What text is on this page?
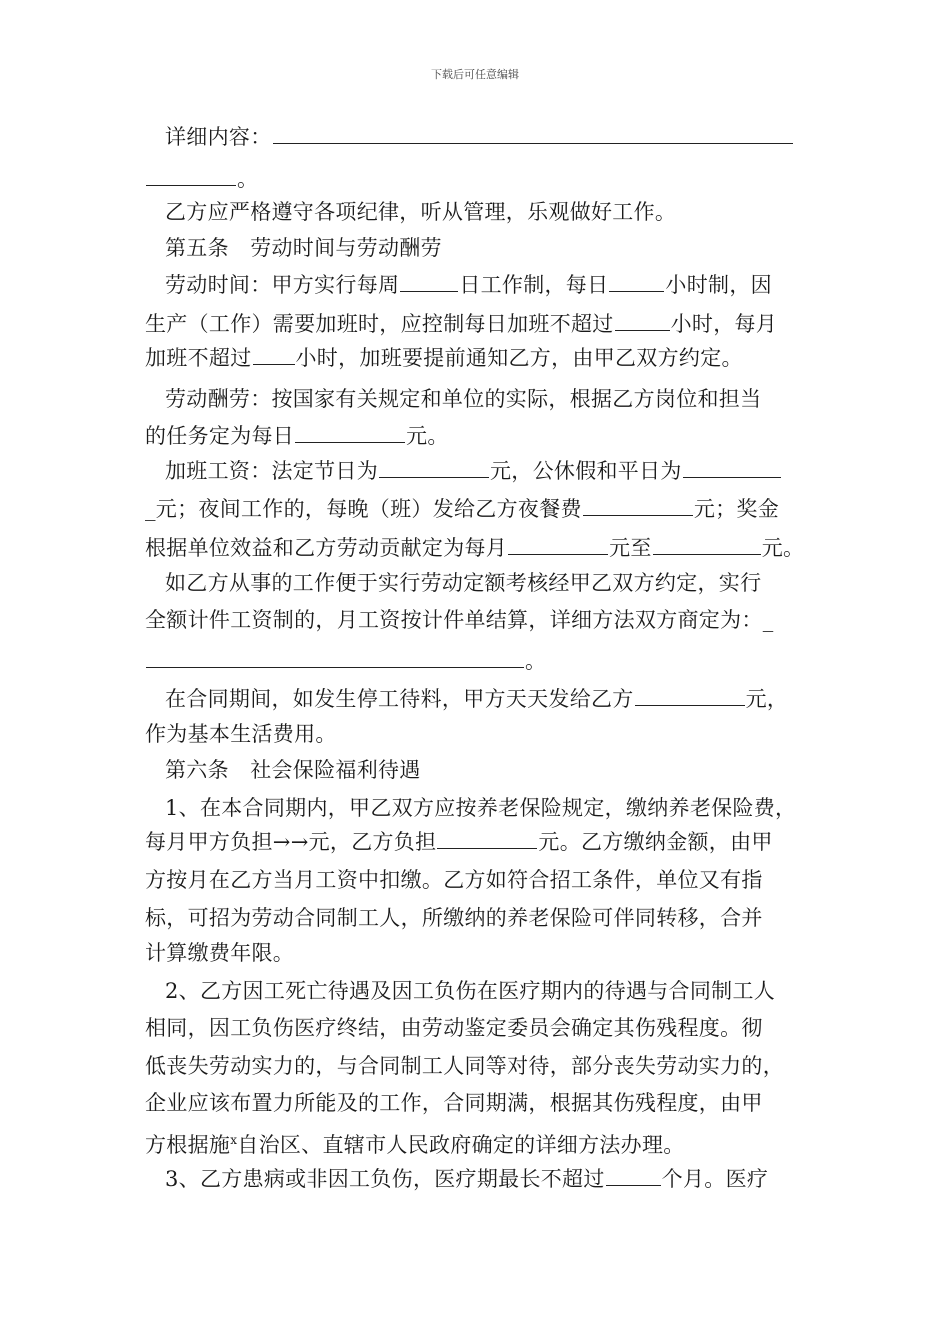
下载后可任意编辑
详细内容：
。
乙方应严格遵守各项纪律，听从管理，乐观做好工作。
第五条　劳动时间与劳动酬劳
劳动时间：甲方实行每周	日工作制，每日	小时制，因
生产（工作）需要加班时，应控制每日加班不超过	小时，每月
加班不超过 小时，加班要提前通知乙方，由甲乙双方约定。
劳动酬劳：按国家有关规定和单位的实际，根据乙方岗位和担当
的任务定为每日	元。
加班工资：法定节日为	元，公休假和平日为
_元；夜间工作的，每晚（班）发给乙方夜餐费	元；奖金
根据单位效益和乙方劳动贡献定为每月	元至	元。
如乙方从事的工作便于实行劳动定额考核经甲乙双方约定，实行
全额计件工资制的，月工资按计件单结算，详细方法双方商定为：_
。
在合同期间，如发生停工待料，甲方天天发给乙方	元，
作为基本生活费用。
第六条　社会保险福利待遇
1、在本合同期内，甲乙双方应按养老保险规定，缴纳养老保险费，
每月甲方负担→→元，乙方负担	元。乙方缴纳金额，由甲
方按月在乙方当月工资中扣缴。乙方如符合招工条件，单位又有指
标，可招为劳动合同制工人，所缴纳的养老保险可伴同转移，合并
计算缴费年限。
2、乙方因工死亡待遇及因工负伤在医疗期内的待遇与合同制工人
相同，因工负伤医疗终结，由劳动鉴定委员会确定其伤残程度。彻
低丧失劳动实力的，与合同制工人同等对待，部分丧失劳动实力的，
企业应该布置力所能及的工作，合同期满，根据其伤残程度，由甲
方根据施$^ⅹ$自治区、直辖市人民政府确定的详细方法办理。
3、乙方患病或非因工负伤，医疗期最长不超过	个月。医疗
